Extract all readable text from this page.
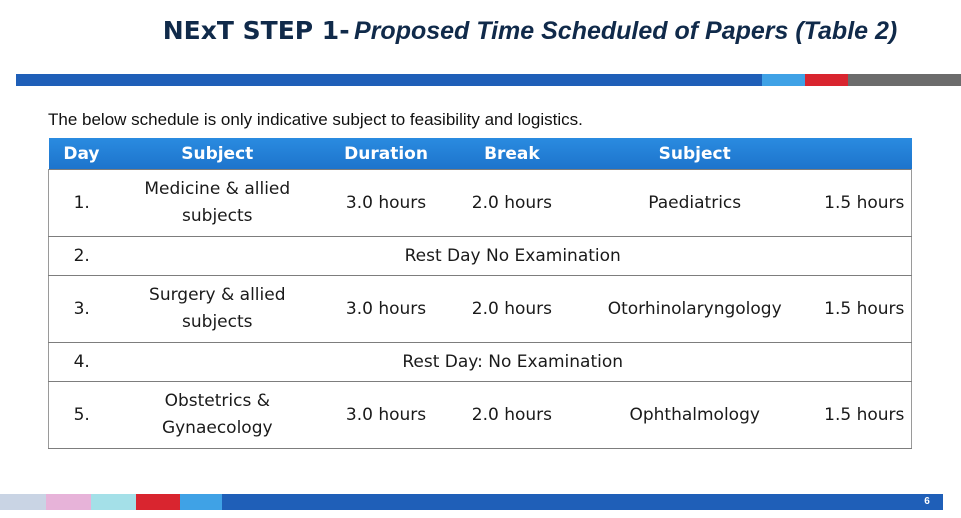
NExT STEP 1- Proposed Time Scheduled of Papers (Table 2)
The below schedule is only indicative subject to feasibility and logistics.
Day	Subject	Duration	Break	Subject	
1.	Medicine & allied subjects	3.0 hours	2.0 hours	Paediatrics	1.5 hours
2.	Rest Day No Examination				
3.	Surgery & allied subjects	3.0 hours	2.0 hours	Otorhinolaryngology	1.5 hours
4.	Rest Day: No Examination				
5.	Obstetrics & Gynaecology	3.0 hours	2.0 hours	Ophthalmology	1.5 hours
6
